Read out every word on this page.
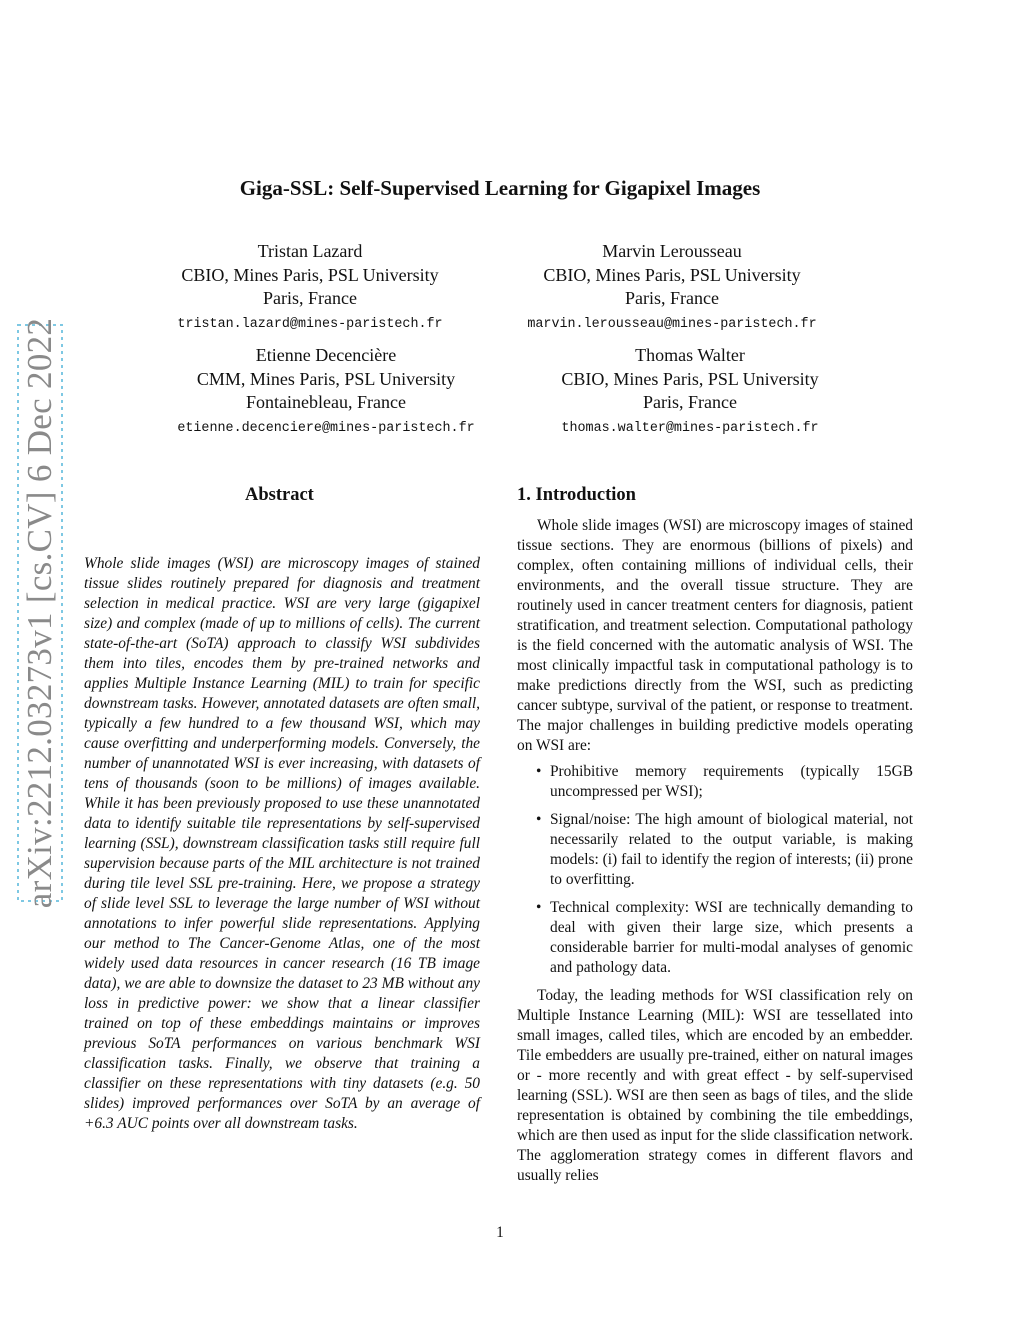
arXiv:2212.03273v1 [cs.CV] 6 Dec 2022
Giga-SSL: Self-Supervised Learning for Gigapixel Images
Tristan Lazard
CBIO, Mines Paris, PSL University
Paris, France
tristan.lazard@mines-paristech.fr
Marvin Lerousseau
CBIO, Mines Paris, PSL University
Paris, France
marvin.lerousseau@mines-paristech.fr
Etienne Decencière
CMM, Mines Paris, PSL University
Fontainebleau, France
etienne.decenciere@mines-paristech.fr
Thomas Walter
CBIO, Mines Paris, PSL University
Paris, France
thomas.walter@mines-paristech.fr
Abstract

Whole slide images (WSI) are microscopy images of stained tissue slides routinely prepared for diagnosis and treatment selection in medical practice. WSI are very large (gigapixel size) and complex (made of up to millions of cells). The current state-of-the-art (SoTA) approach to classify WSI subdivides them into tiles, encodes them by pre-trained networks and applies Multiple Instance Learning (MIL) to train for specific downstream tasks. However, annotated datasets are often small, typically a few hundred to a few thousand WSI, which may cause overfitting and underperforming models. Conversely, the number of unannotated WSI is ever increasing, with datasets of tens of thousands (soon to be millions) of images available. While it has been previously proposed to use these unannotated data to identify suitable tile representations by self-supervised learning (SSL), downstream classification tasks still require full supervision because parts of the MIL architecture is not trained during tile level SSL pre-training. Here, we propose a strategy of slide level SSL to leverage the large number of WSI without annotations to infer powerful slide representations. Applying our method to The Cancer-Genome Atlas, one of the most widely used data resources in cancer research (16 TB image data), we are able to downsize the dataset to 23 MB without any loss in predictive power: we show that a linear classifier trained on top of these embeddings maintains or improves previous SoTA performances on various benchmark WSI classification tasks. Finally, we observe that training a classifier on these representations with tiny datasets (e.g. 50 slides) improved performances over SoTA by an average of +6.3 AUC points over all downstream tasks.

1. Introduction

Whole slide images (WSI) are microscopy images of stained tissue sections. They are enormous (billions of pixels) and complex, often containing millions of individual cells, their environments, and the overall tissue structure. They are routinely used in cancer treatment centers for diagnosis, patient stratification, and treatment selection. Computational pathology is the field concerned with the automatic analysis of WSI. The most clinically impactful task in computational pathology is to make predictions directly from the WSI, such as predicting cancer subtype, survival of the patient, or response to treatment. The major challenges in building predictive models operating on WSI are:

• Prohibitive memory requirements (typically 15GB uncompressed per WSI);
• Signal/noise: The high amount of biological material, not necessarily related to the output variable, is making models: (i) fail to identify the region of interests; (ii) prone to overfitting.
• Technical complexity: WSI are technically demanding to deal with given their large size, which presents a considerable barrier for multi-modal analyses of genomic and pathology data.

Today, the leading methods for WSI classification rely on Multiple Instance Learning (MIL): WSI are tessellated into small images, called tiles, which are encoded by an embedder. Tile embedders are usually pre-trained, either on natural images or - more recently and with great effect - by self-supervised learning (SSL). WSI are then seen as bags of tiles, and the slide representation is obtained by combining the tile embeddings, which are then used as input for the slide classification network. The agglomeration strategy comes in different flavors and usually relies

1
